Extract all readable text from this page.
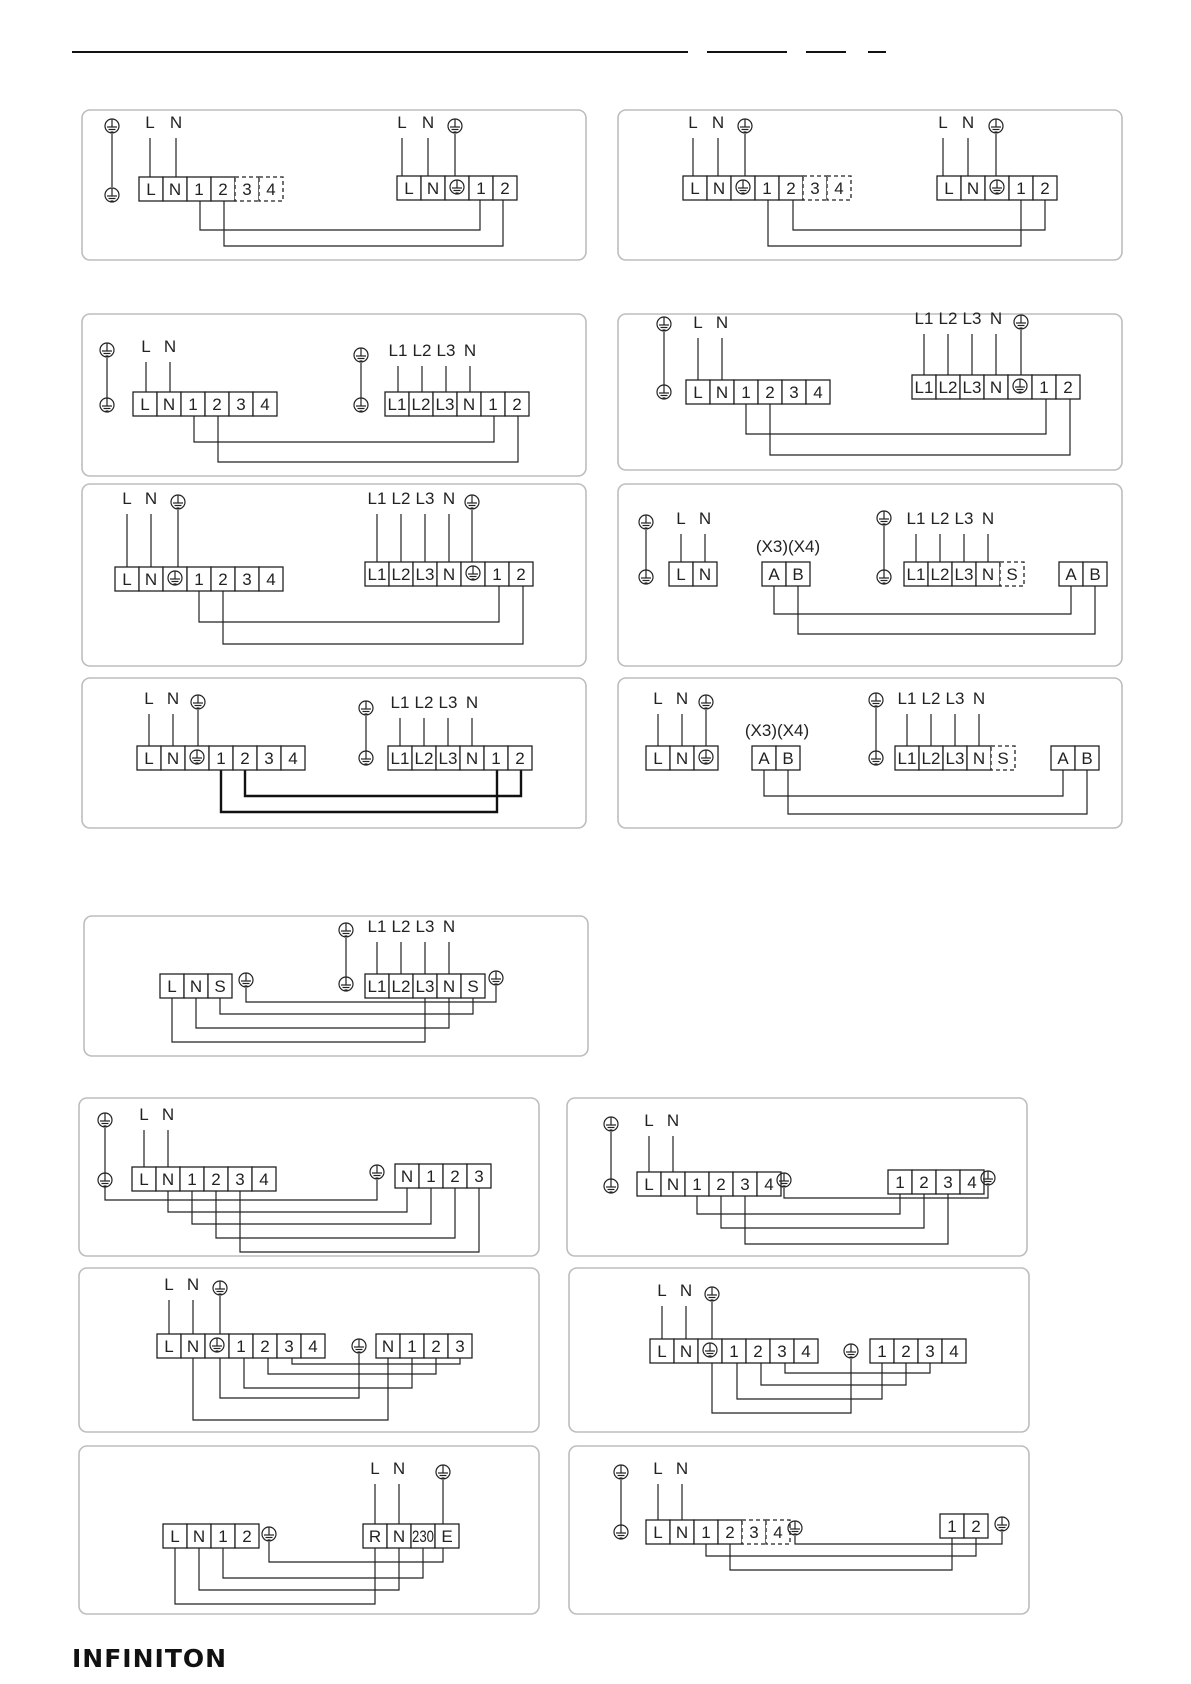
L N 1 2 3 4	L N 1 2
L N	L N
L N 1 2 3 4	L N 1 2
L N	L N
L N 1 2 3 4	L1 L2 L3 N 1 2
L N	L1 L2 L3 N
L N 1 2 3 4	L1 L2 L3 N 1 2
L N	L1 L2 L3 N
L N 1 2 3 4	L1 L2 L3 N 1 2
L N	L1 L2 L3 N
L N	A B	L1 L2 L3 N S	A B
L N	L1 L2 L3 N
(X3)(X4)
L N 1 2 3 4	L1 L2 L3 N 1 2
L N	L1 L2 L3 N
L N	A B	L1 L2 L3 N S	A B
L N	L1 L2 L3 N
(X3)(X4)
L N S	L1 L2 L3 N S
L1 L2 L3 N
L N 1 2 3 4	N 1 2 3
L N
L N 1 2 3 4	1 2 3 4
L N
L N 1 2 3 4	N 1 2 3
L N
L N 1 2 3 4	1 2 3 4
L N
L N 1 2	R N 230 E
L N
L N 1 2 3 4	1 2
L N
INFINITON
